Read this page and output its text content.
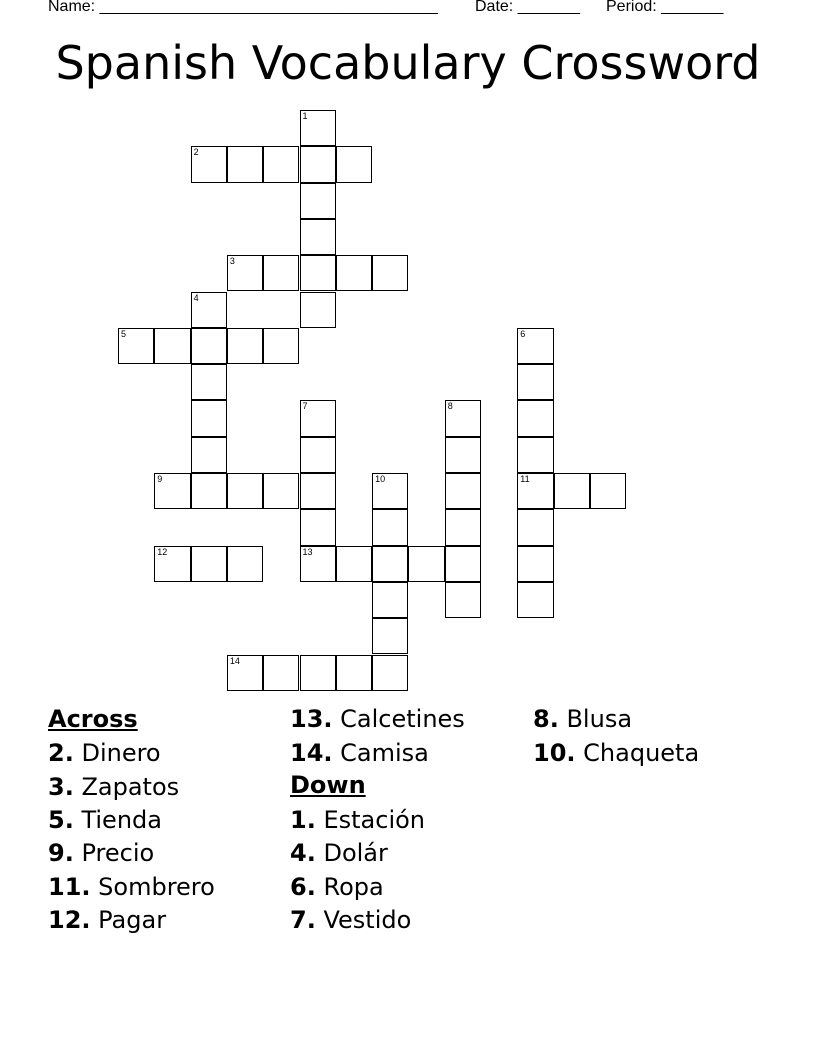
Name: ______________________________________ Date: _______ Period: _______
Spanish Vocabulary Crossword
1
2
3
4
5	6
11
7
13
8
9	10
12
14
Across
2. Dinero
3. Zapatos
5. Tienda
9. Precio
11. Sombrero
12. Pagar
13. Calcetines
14. Camisa
Down
1. Estación
4. Dolár
6. Ropa
7. Vestido
8. Blusa
10. Chaqueta
